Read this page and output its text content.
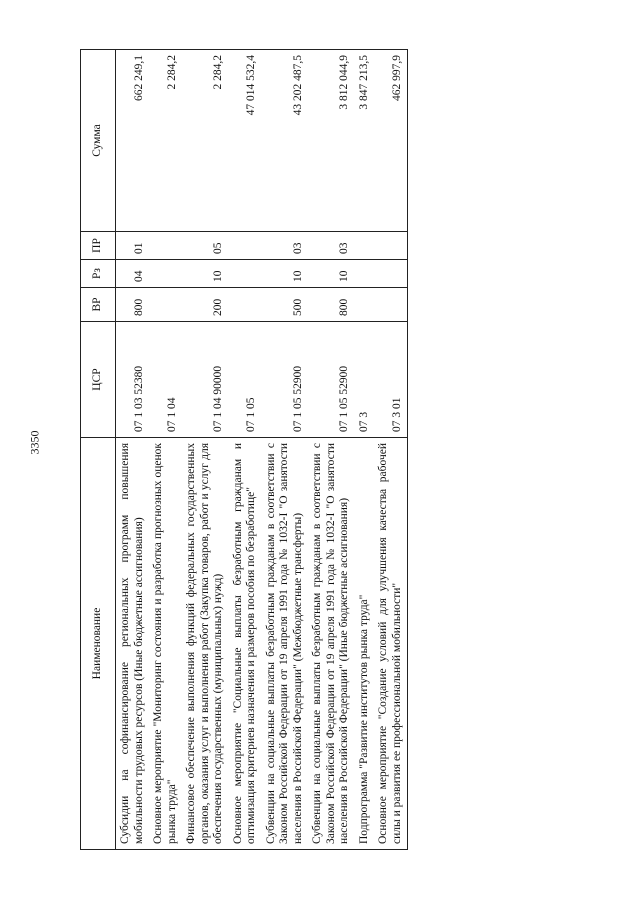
3350
Наименование	ЦСР	ВР	Рз	ПР	Сумма
Субсидии на софинансирование региональных программ повышения мобильности трудовых ресурсов (Иные бюджетные ассигнования)	07 1 03 52380	800	04	01	662 249,1
Основное мероприятие "Мониторинг состояния и разработка прогнозных оценок рынка труда"	07 1 04				2 284,2
Финансовое обеспечение выполнения функций федеральных государственных органов, оказания услуг и выполнения работ (Закупка товаров, работ и услуг для обеспечения государственных (муниципальных) нужд)	07 1 04 90000	200	10	05	2 284,2
Основное мероприятие "Социальные выплаты безработным гражданам и оптимизация критериев назначения и размеров пособия по безработице"	07 1 05				47 014 532,4
Субвенции на социальные выплаты безработным гражданам в соответствии с Законом Российской Федерации от 19 апреля 1991 года № 1032-I "О занятости населения в Российской Федерации" (Межбюджетные трансферты)	07 1 05 52900	500	10	03	43 202 487,5
Субвенции на социальные выплаты безработным гражданам в соответствии с Законом Российской Федерации от 19 апреля 1991 года № 1032-I "О занятости населения в Российской Федерации" (Иные бюджетные ассигнования)	07 1 05 52900	800	10	03	3 812 044,9
Подпрограмма "Развитие институтов рынка труда"	07 3				3 847 213,5
Основное мероприятие "Создание условий для улучшения качества рабочей силы и развития ее профессиональной мобильности"	07 3 01				462 997,9
